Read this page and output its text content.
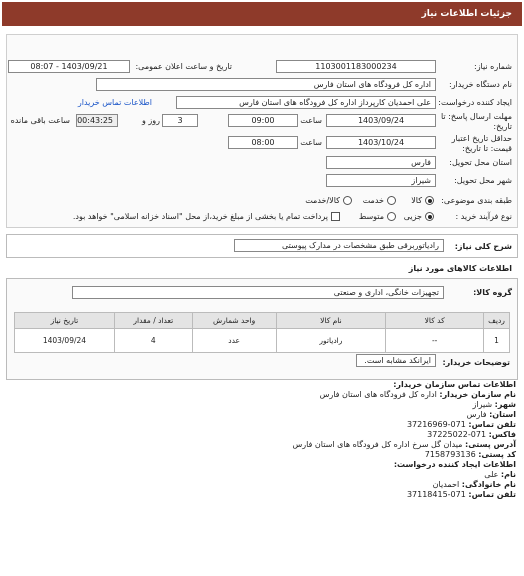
جزئیات اطلاعات نیاز
شماره نیاز:
1103001183000234
تاریخ و ساعت اعلان عمومی:
1403/09/21 - 08:07
نام دستگاه خریدار:
اداره کل فرودگاه های استان فارس
ایجاد کننده درخواست:
علی احمدیان کارپرداز اداره کل فرودگاه های استان فارس
اطلاعات تماس خریدار
مهلت ارسال پاسخ: تا
تاریخ:
1403/09/24
ساعت
09:00
3
روز و
00:43:25
ساعت باقی مانده
حداقل تاریخ اعتبار
قیمت: تا تاریخ:
1403/10/24
ساعت
08:00
استان محل تحویل:
فارس
شهر محل تحویل:
شیراز
طبقه بندی موضوعی:
کالا
خدمت
کالا/خدمت
نوع فرآیند خرید :
جزیی
متوسط
پرداخت تمام یا بخشی از مبلغ خرید،از محل "اسناد خزانه اسلامی" خواهد بود.
شرح کلی نیاز:
رادیاتوربرقی طبق مشخصات در مدارک پیوستی
اطلاعات کالاهای مورد نیاز
گروه کالا:
تجهیزات خانگی، اداری و صنعتی
ردیف	کد کالا	نام کالا	واحد شمارش	تعداد / مقدار	تاریخ نیاز
1	--	رادیاتور	عدد	4	1403/09/24
توضیحات خریدار:
ایرانکد مشابه است.
اطلاعات تماس سازمان خریدار:
نام سازمان خریدار: اداره کل فرودگاه های استان فارس
شهر: شیراز
استان: فارس
تلفن تماس: 071-37216969
فاکس: 071-37225022
آدرس پستی: میدان گل سرخ اداره کل فرودگاه های استان فارس
کد پستی: 7158793136
اطلاعات ایجاد کننده درخواست:
نام: علی
نام خانوادگی: احمدیان
تلفن تماس: 071-37118415
